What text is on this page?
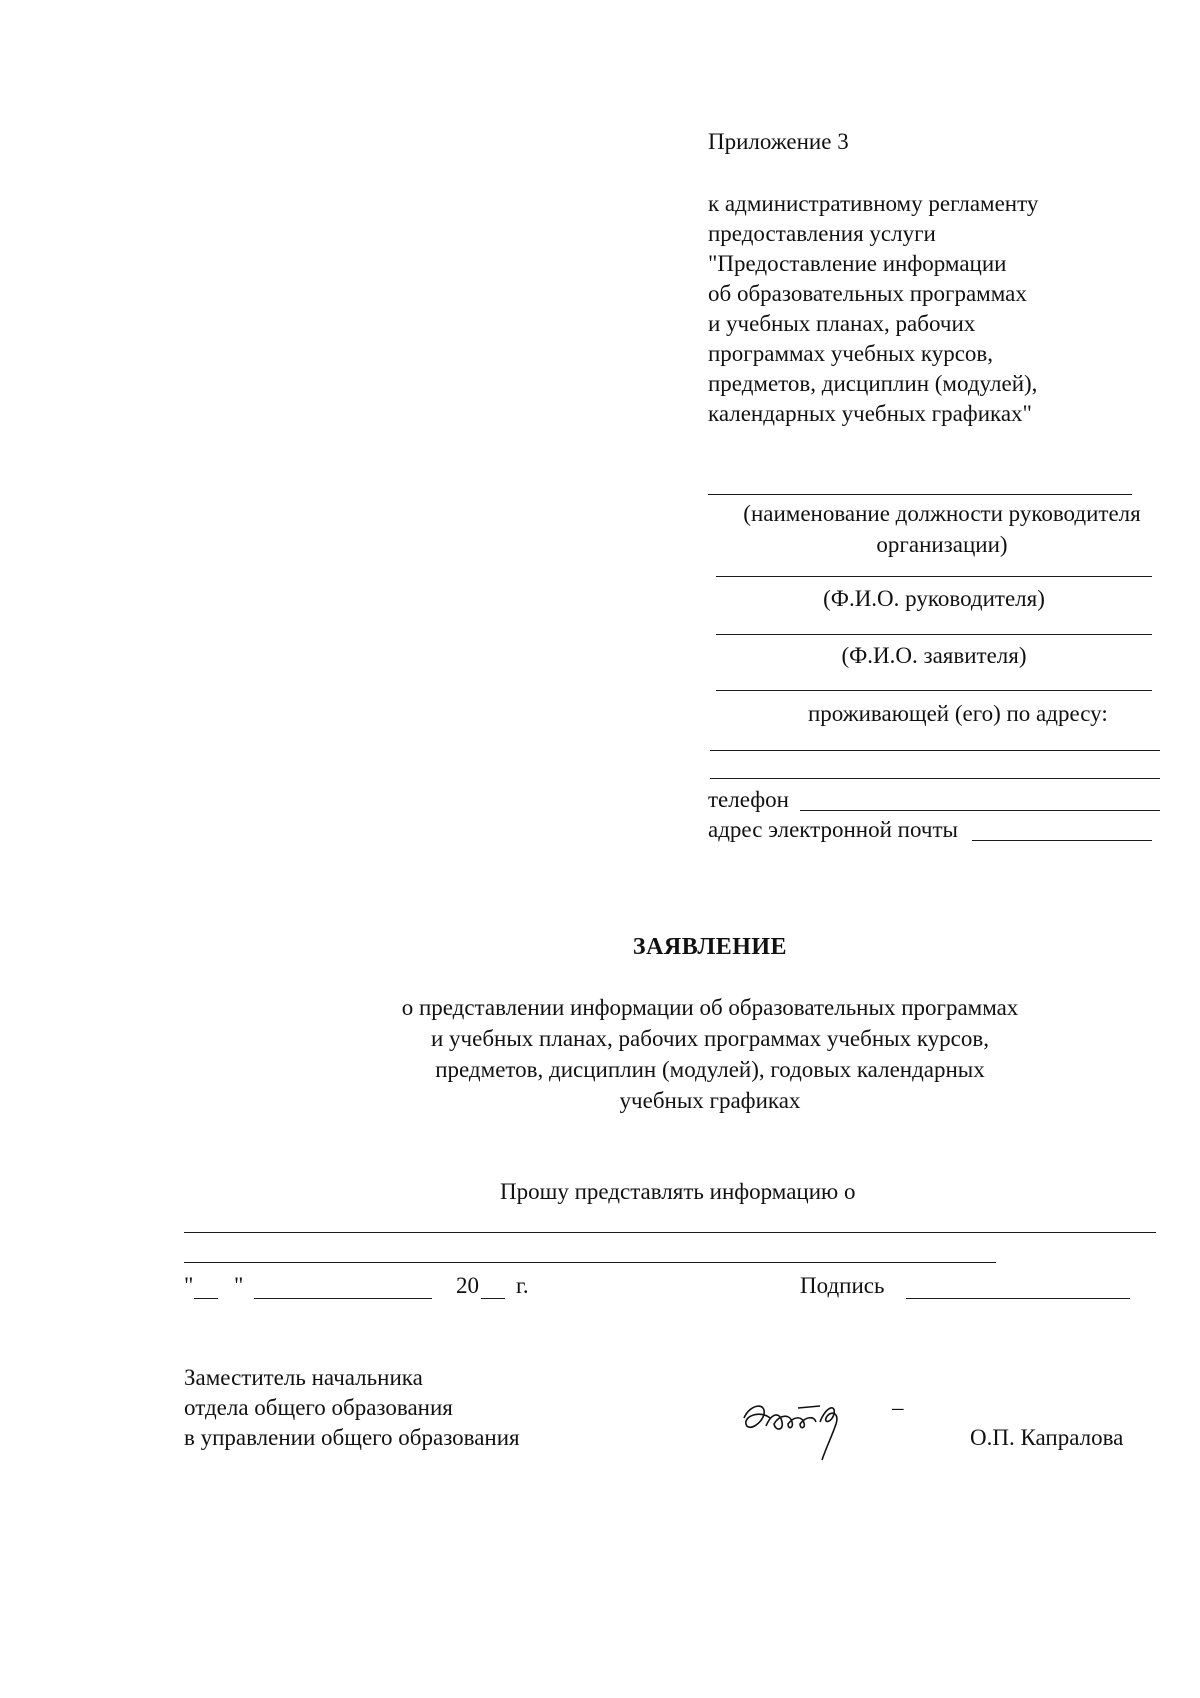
Приложение 3
к административному регламенту
предоставления услуги
"Предоставление информации
об образовательных программах
и учебных планах, рабочих
программах учебных курсов,
предметов, дисциплин (модулей),
календарных учебных графиках"
(наименование должности руководителя
организации)
(Ф.И.О. руководителя)
(Ф.И.О. заявителя)
проживающей (его) по адресу:
телефон
адрес электронной почты
ЗАЯВЛЕНИЕ
о представлении информации об образовательных программах
и учебных планах, рабочих программах учебных курсов,
предметов, дисциплин (модулей), годовых календарных
учебных графиках
Прошу представлять информацию о
" "	20 г.	Подпись
Заместитель начальника
отдела общего образования
в управлении общего образования
–
О.П. Капралова
